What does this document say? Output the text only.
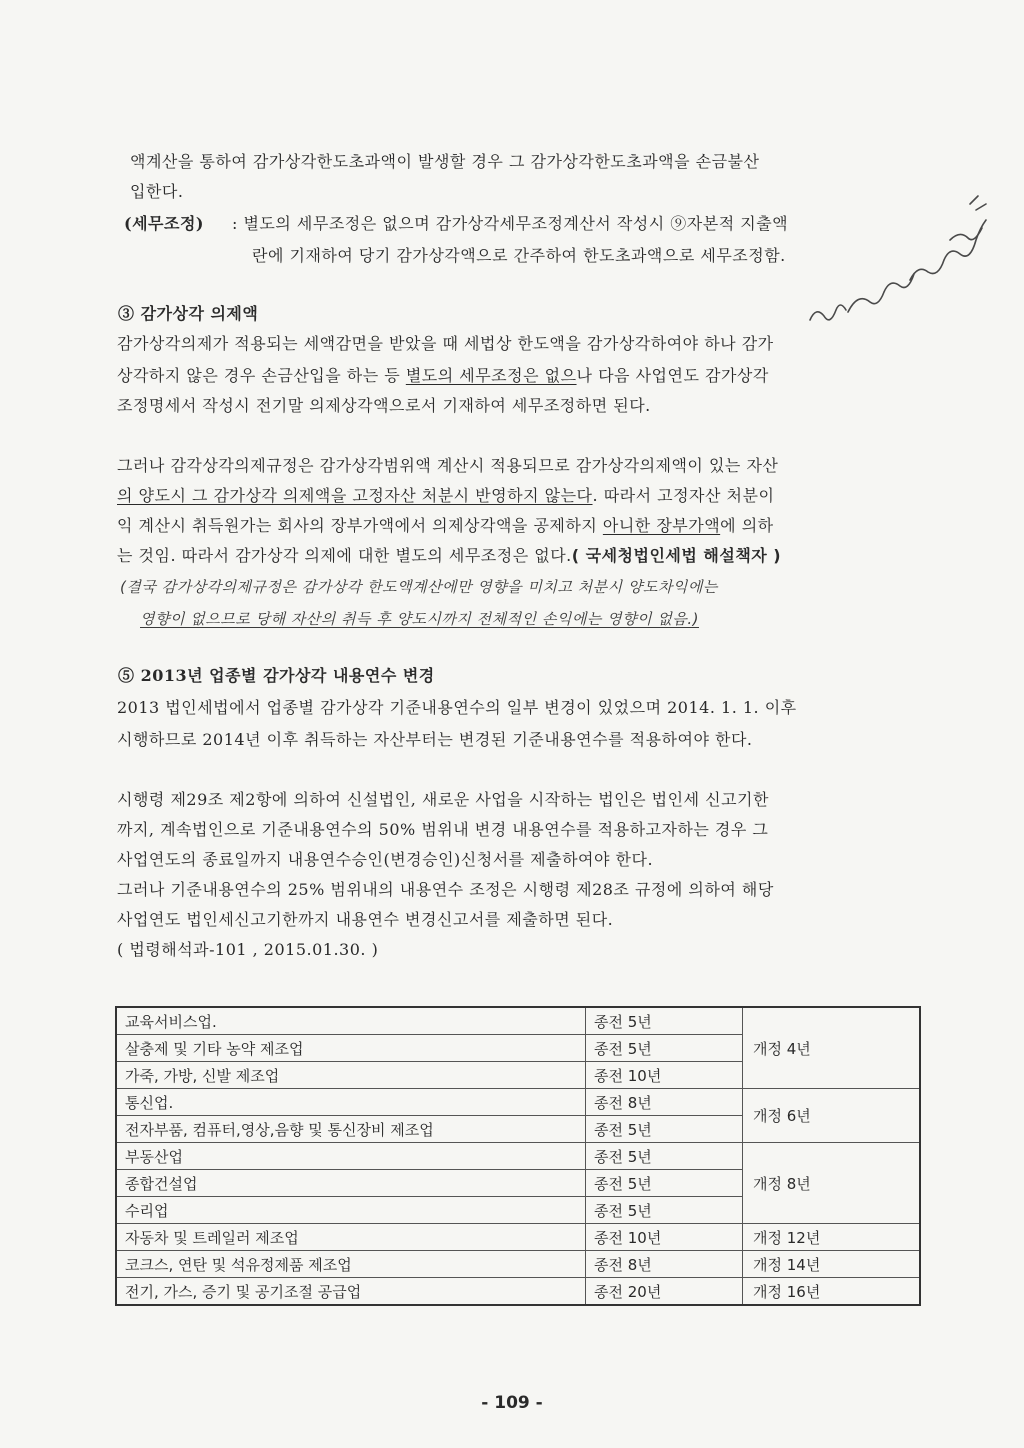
액계산을 통하여 감가상각한도초과액이 발생할 경우 그 감가상각한도초과액을 손금불산
입한다.
(세무조정) : 별도의 세무조정은 없으며 감가상각세무조정계산서 작성시 ⑨자본적 지출액
란에 기재하여 당기 감가상각액으로 간주하여 한도초과액으로 세무조정함.
③ 감가상각 의제액
감가상각의제가 적용되는 세액감면을 받았을 때 세법상 한도액을 감가상각하여야 하나 감가
상각하지 않은 경우 손금산입을 하는 등 별도의 세무조정은 없으나 다음 사업연도 감가상각
조정명세서 작성시 전기말 의제상각액으로서 기재하여 세무조정하면 된다.
그러나 감각상각의제규정은 감가상각범위액 계산시 적용되므로 감가상각의제액이 있는 자산
의 양도시 그 감가상각 의제액을 고정자산 처분시 반영하지 않는다. 따라서 고정자산 처분이
익 계산시 취득원가는 회사의 장부가액에서 의제상각액을 공제하지 아니한 장부가액에 의하
는 것임. 따라서 감가상각 의제에 대한 별도의 세무조정은 없다.( 국세청법인세법 해설책자 )
(결국 감가상각의제규정은 감가상각 한도액계산에만 영향을 미치고 처분시 양도차익에는
영향이 없으므로 당해 자산의 취득 후 양도시까지 전체적인 손익에는 영향이 없음.)
⑤ 2013년 업종별 감가상각 내용연수 변경
2013 법인세법에서 업종별 감가상각 기준내용연수의 일부 변경이 있었으며 2014. 1. 1. 이후
시행하므로 2014년 이후 취득하는 자산부터는 변경된 기준내용연수를 적용하여야 한다.
시행령 제29조 제2항에 의하여 신설법인, 새로운 사업을 시작하는 법인은 법인세 신고기한
까지, 계속법인으로 기준내용연수의 50% 범위내 변경 내용연수를 적용하고자하는 경우 그
사업연도의 종료일까지 내용연수승인(변경승인)신청서를 제출하여야 한다.
그러나 기준내용연수의 25% 범위내의 내용연수 조정은 시행령 제28조 규정에 의하여 해당
사업연도 법인세신고기한까지 내용연수 변경신고서를 제출하면 된다.
( 법령해석과-101 , 2015.01.30. )
가능 재산출 감가상각의제
교육서비스업.	종전 5년	개정 4년
살충제 및 기타 농약 제조업	종전 5년	
가죽, 가방, 신발 제조업	종전 10년	
통신업.	종전 8년	개정 6년
전자부품, 컴퓨터,영상,음향 및 통신장비 제조업	종전 5년	
부동산업	종전 5년	개정 8년
종합건설업	종전 5년	
수리업	종전 5년	
자동차 및 트레일러 제조업	종전 10년	개정 12년
코크스, 연탄 및 석유정제품 제조업	종전 8년	개정 14년
전기, 가스, 증기 및 공기조절 공급업	종전 20년	개정 16년
- 109 -
